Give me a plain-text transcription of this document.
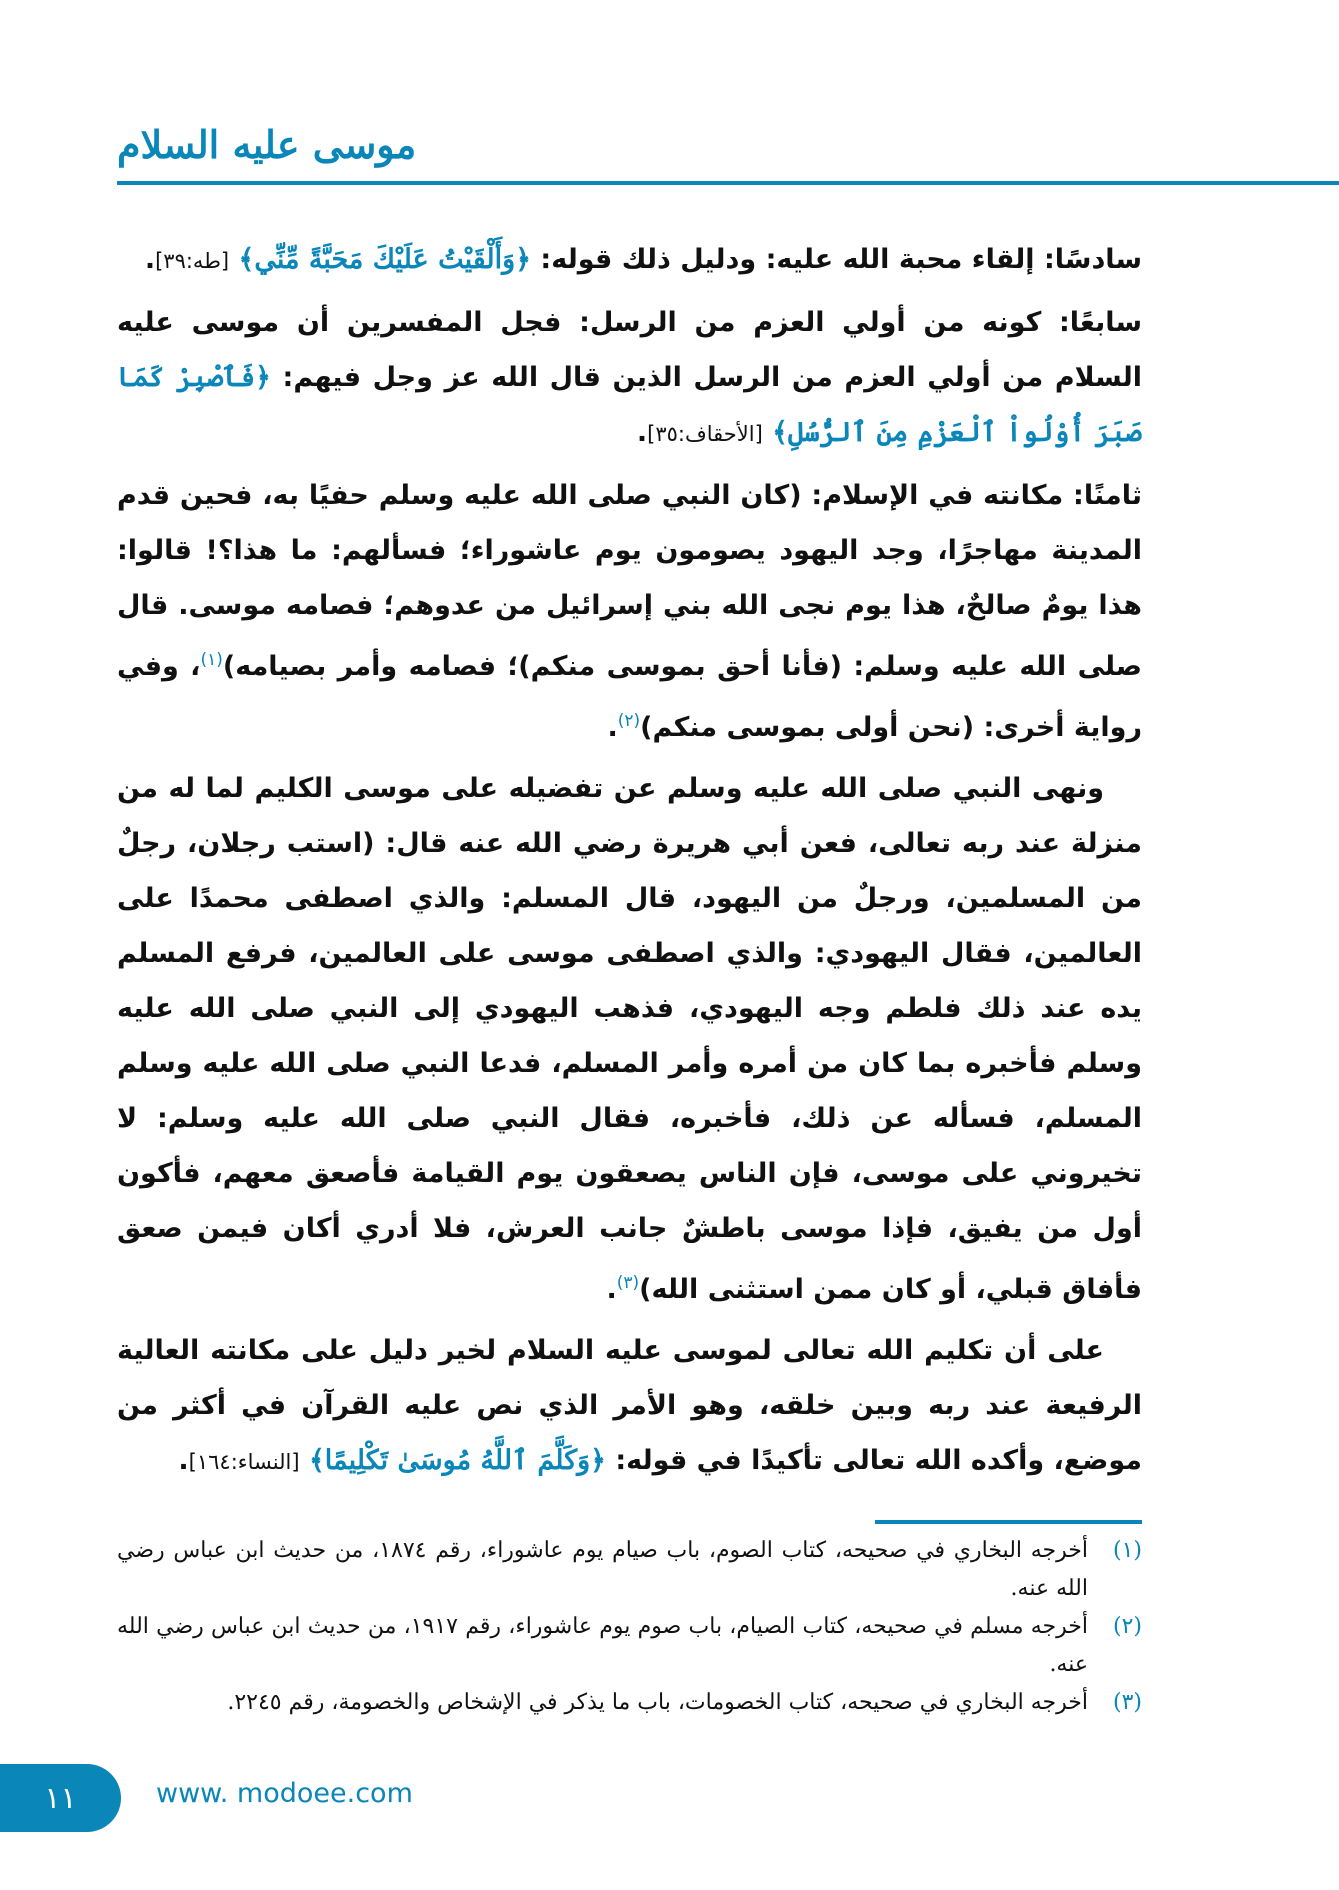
موسى عليه السلام

سادسًا: إلقاء محبة الله عليه: ودليل ذلك قوله: ﴿وَأَلْقَيْتُ عَلَيْكَ مَحَبَّةً مِّنِّي﴾ [طه:٣٩].

سابعًا: كونه من أولي العزم من الرسل: فجل المفسرين أن موسى عليه السلام من أولي العزم من الرسل الذين قال الله عز وجل فيهم: ﴿فَٱصْبِرْ كَمَا صَبَرَ أُوْلُواْ ٱلْعَزْمِ مِنَ ٱلرُّسُلِ﴾ [الأحقاف:٣٥].

ثامنًا: مكانته في الإسلام: (كان النبي صلى الله عليه وسلم حفيًا به، فحين قدم المدينة مهاجرًا، وجد اليهود يصومون يوم عاشوراء؛ فسألهم: ما هذا؟! قالوا: هذا يومٌ صالحٌ، هذا يوم نجى الله بني إسرائيل من عدوهم؛ فصامه موسى. قال صلى الله عليه وسلم: (فأنا أحق بموسى منكم)؛ فصامه وأمر بصيامه)$^{(١)}$، وفي رواية أخرى: (نحن أولى بموسى منكم)$^{(٢)}$.

ونهى النبي صلى الله عليه وسلم عن تفضيله على موسى الكليم لما له من منزلة عند ربه تعالى، فعن أبي هريرة رضي الله عنه قال: (استب رجلان، رجلٌ من المسلمين، ورجلٌ من اليهود، قال المسلم: والذي اصطفى محمدًا على العالمين، فقال اليهودي: والذي اصطفى موسى على العالمين، فرفع المسلم يده عند ذلك فلطم وجه اليهودي، فذهب اليهودي إلى النبي صلى الله عليه وسلم فأخبره بما كان من أمره وأمر المسلم، فدعا النبي صلى الله عليه وسلم المسلم، فسأله عن ذلك، فأخبره، فقال النبي صلى الله عليه وسلم: لا تخيروني على موسى، فإن الناس يصعقون يوم القيامة فأصعق معهم، فأكون أول من يفيق، فإذا موسى باطشٌ جانب العرش، فلا أدري أكان فيمن صعق فأفاق قبلي، أو كان ممن استثنى الله)$^{(٣)}$.

على أن تكليم الله تعالى لموسى عليه السلام لخير دليل على مكانته العالية الرفيعة عند ربه وبين خلقه، وهو الأمر الذي نص عليه القرآن في أكثر من موضع، وأكده الله تعالى تأكيدًا في قوله: ﴿وَكَلَّمَ ٱللَّهُ مُوسَىٰ تَكْلِيمًا﴾ [النساء:١٦٤].

(١)
أخرجه البخاري في صحيحه، كتاب الصوم، باب صيام يوم عاشوراء، رقم ١٨٧٤، من حديث ابن عباس رضي الله عنه.
(٢)
أخرجه مسلم في صحيحه، كتاب الصيام، باب صوم يوم عاشوراء، رقم ١٩١٧، من حديث ابن عباس رضي الله عنه.
(٣)
أخرجه البخاري في صحيحه، كتاب الخصومات، باب ما يذكر في الإشخاص والخصومة، رقم ٢٢٤٥.
١١	www. modoee.com
